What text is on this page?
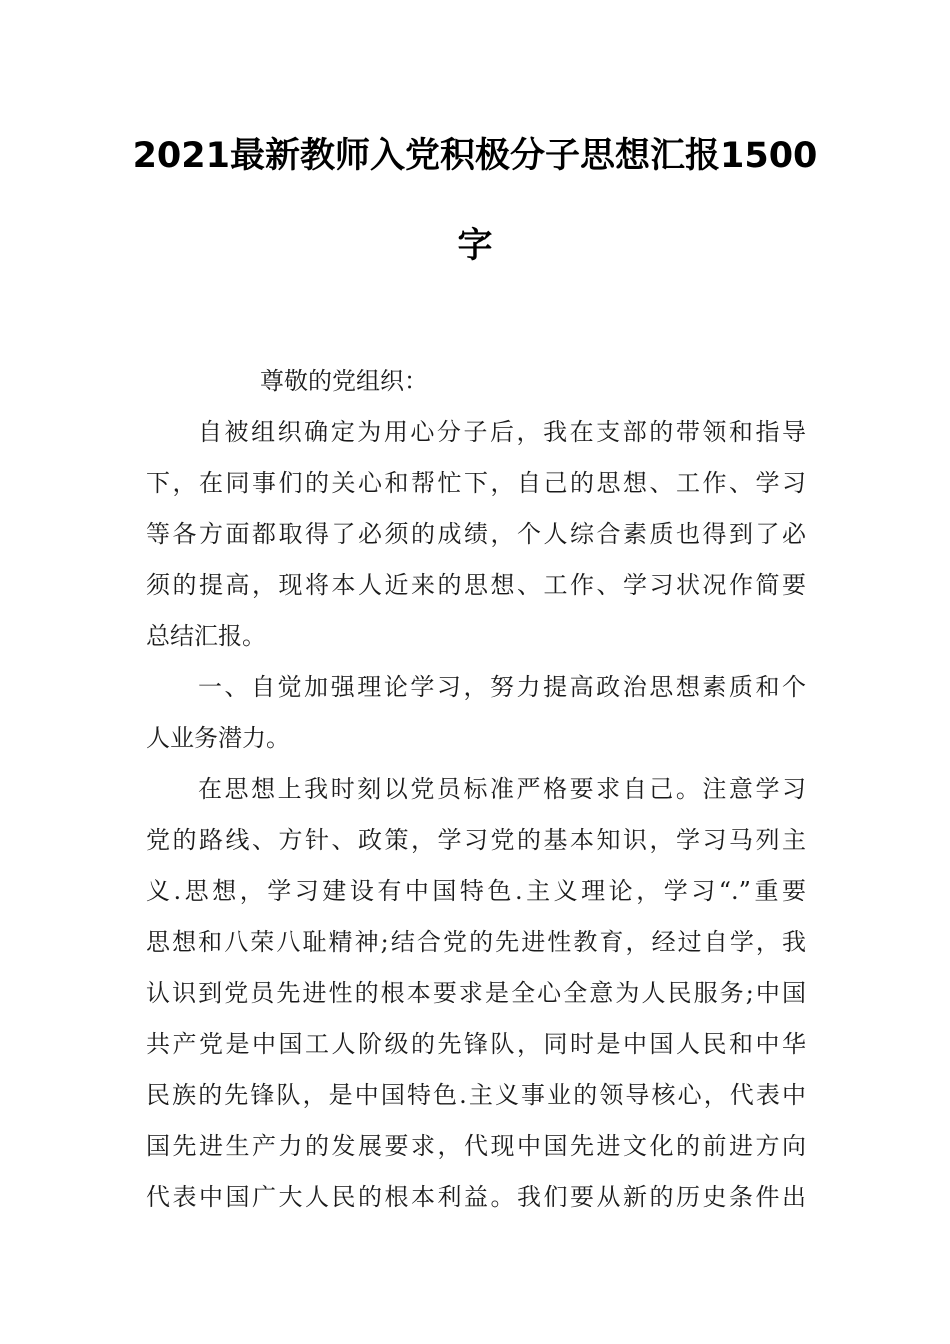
2021最新教师入党积极分子思想汇报1500
字
尊敬的党组织：
自被组织确定为用心分子后，我在支部的带领和指导
下，在同事们的关心和帮忙下，自己的思想、工作、学习
等各方面都取得了必须的成绩，个人综合素质也得到了必
须的提高，现将本人近来的思想、工作、学习状况作简要
总结汇报。
一、自觉加强理论学习，努力提高政治思想素质和个
人业务潜力。
在思想上我时刻以党员标准严格要求自己。注意学习
党的路线、方针、政策，学习党的基本知识，学习马列主
义.思想，学习建设有中国特色.主义理论，学习“.”重要
思想和八荣八耻精神;结合党的先进性教育，经过自学，我
认识到党员先进性的根本要求是全心全意为人民服务;中国
共产党是中国工人阶级的先锋队，同时是中国人民和中华
民族的先锋队，是中国特色.主义事业的领导核心，代表中
国先进生产力的发展要求，代现中国先进文化的前进方向
代表中国广大人民的根本利益。我们要从新的历史条件出
